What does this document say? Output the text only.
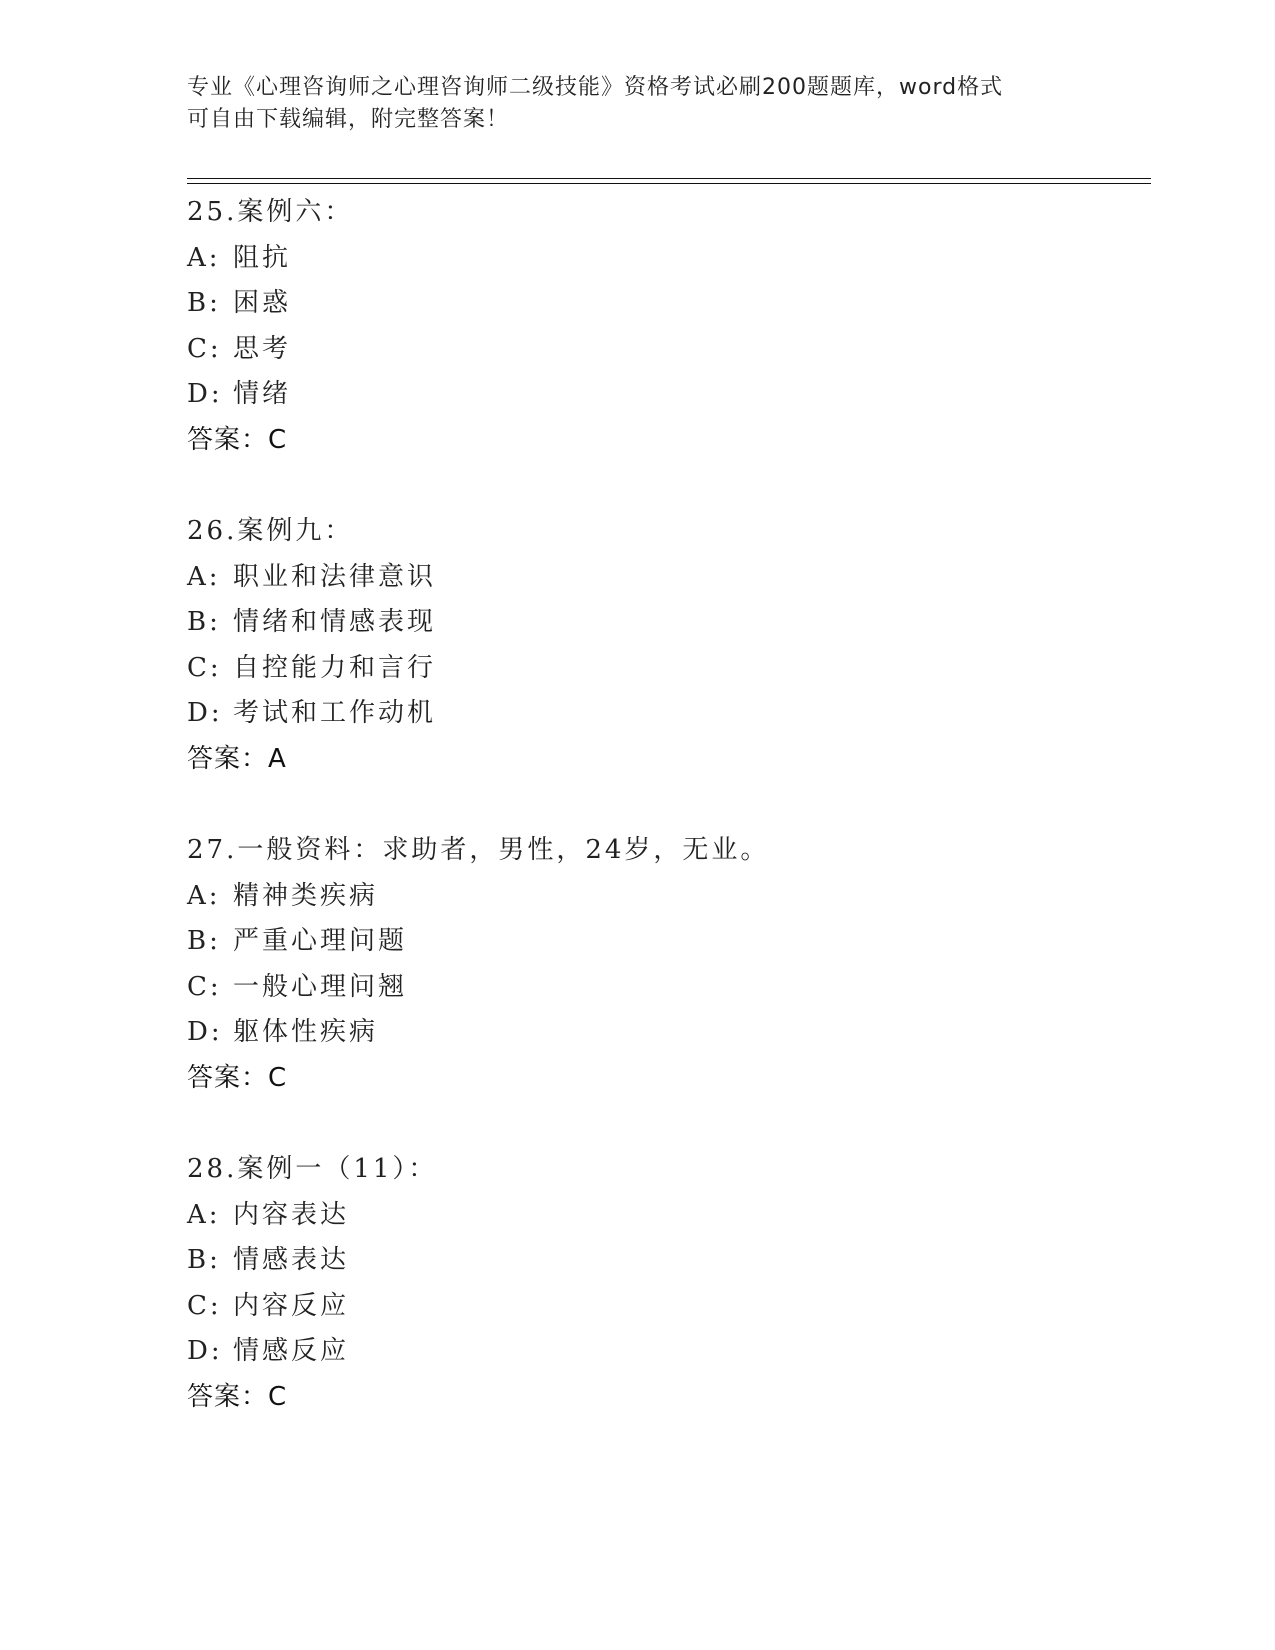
专业《心理咨询师之心理咨询师二级技能》资格考试必刷200题题库，word格式
可自由下载编辑，附完整答案！
25.案例六：
A: 阻抗
B: 困惑
C: 思考
D: 情绪
答案：C
26.案例九：
A: 职业和法律意识
B: 情绪和情感表现
C: 自控能力和言行
D: 考试和工作动机
答案：A
27.一般资料：求助者，男性，24岁，无业。
A: 精神类疾病
B: 严重心理问题
C: 一般心理问翘
D: 躯体性疾病
答案：C
28.案例一（11）：
A: 内容表达
B: 情感表达
C: 内容反应
D: 情感反应
答案：C
